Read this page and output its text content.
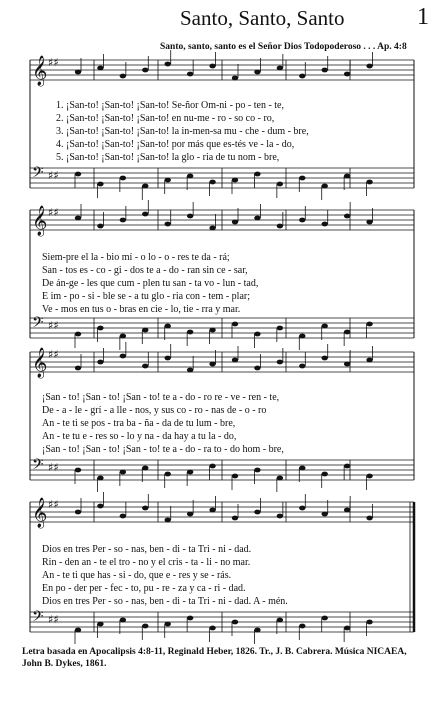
Santo, Santo, Santo	1
Santo, santo, santo es el Señor Dios Todopoderoso . . . Ap. 4:8
𝄞 ♯♯
𝄢 ♯♯
𝄞 ♯♯
𝄢 ♯♯
𝄞 ♯♯
𝄢 ♯♯
𝄞 ♯♯
𝄢 ♯♯
1. ¡San-to! ¡San-to! ¡San-to! Se-ñor Om-ni - po - ten - te,
2. ¡San-to! ¡San-to! ¡San-to! en nu-me - ro - so co - ro,
3. ¡San-to! ¡San-to! ¡San-to! la in-men-sa mu - che - dum - bre,
4. ¡San-to! ¡San-to! ¡San-to! por más que es-tés ve - la - do,
5. ¡San-to! ¡San-to! ¡San-to! la glo - ria de tu nom - bre,
Siem-pre el la - bio mí - o lo - o - res te da - rá;
San - tos es - co - gi - dos te a - do - ran sin ce - sar,
De án-ge - les que cum - plen tu san - ta vo - lun - tad,
E im - po - si - ble se - a tu glo - ria con - tem - plar;
Ve - mos en tus o - bras en cie - lo, tie - rra y mar.
¡San - to! ¡San - to! ¡San - to! te a - do - ro re - ve - ren - te,
De - a - le - grí - a lle - nos, y sus co - ro - nas de - o - ro
An - te ti se pos - tra ba - ña - da de tu lum - bre,
An - te tu e - res so - lo y na - da hay a tu la - do,
¡San - to! ¡San - to! ¡San - to! te a - do - ra to - do hom - bre,
Dios en tres Per - so - nas, ben - di - ta Tri - ni - dad.
Rin - den an - te el tro - no y el cris - ta - li - no mar.
An - te ti que has - si - do, que e - res y se - rás.
En po - der per - fec - to, pu - re - za y ca - ri - dad.
Dios en tres Per - so - nas, ben - di - ta Tri - ni - dad. A - mén.
Letra basada en Apocalipsis 4:8-11, Reginald Heber, 1826. Tr., J. B. Cabrera. Música NICAEA,
John B. Dykes, 1861.
